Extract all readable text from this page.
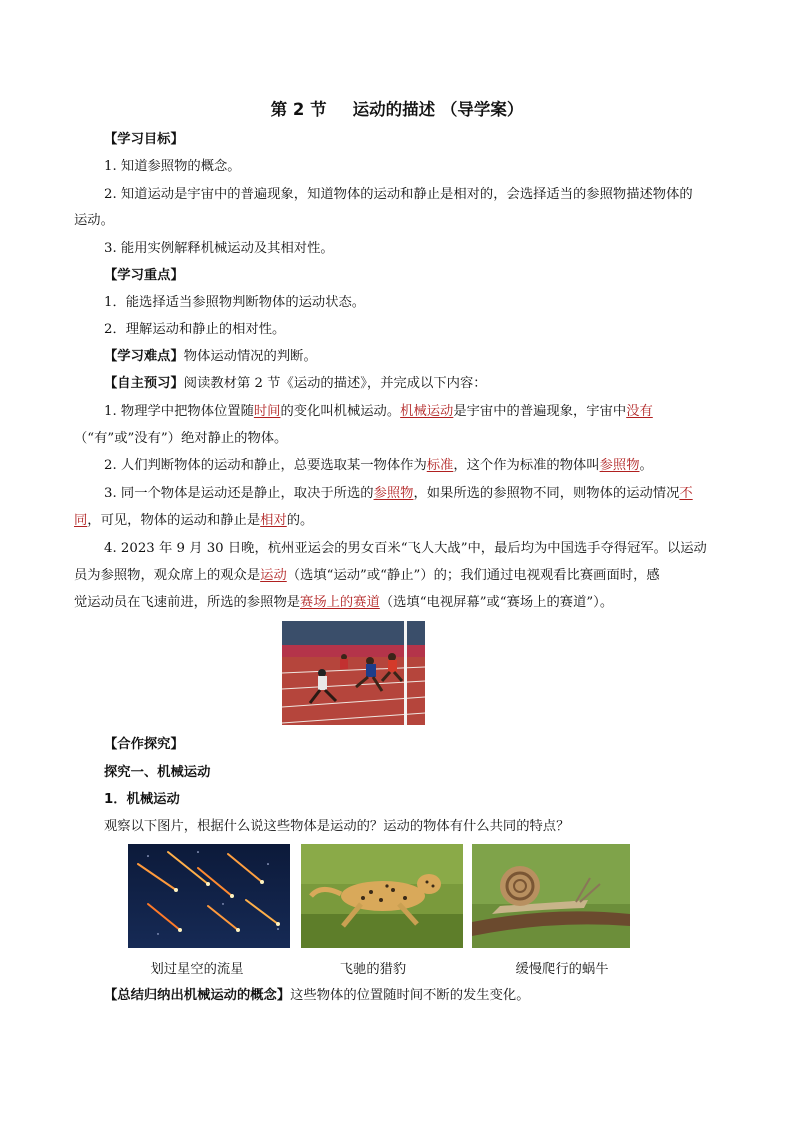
第 2 节 运动的描述 （导学案）
【学习目标】
1. 知道参照物的概念。
2. 知道运动是宇宙中的普遍现象，知道物体的运动和静止是相对的，会选择适当的参照物描述物体的
运动。
3. 能用实例解释机械运动及其相对性。
【学习重点】
1．能选择适当参照物判断物体的运动状态。
2．理解运动和静止的相对性。
【学习难点】物体运动情况的判断。
【自主预习】阅读教材第 2 节《运动的描述》，并完成以下内容：
1. 物理学中把物体位置随时间的变化叫机械运动。机械运动是宇宙中的普遍现象，宇宙中没有
（“有”或”没有”）绝对静止的物体。
2. 人们判断物体的运动和静止，总要选取某一物体作为标准，这个作为标准的物体叫参照物。
3. 同一个物体是运动还是静止，取决于所选的参照物，如果所选的参照物不同，则物体的运动情况不
同，可见，物体的运动和静止是相对的。
4. 2023 年 9 月 30 日晚，杭州亚运会的男女百米“飞人大战”中，最后均为中国选手夺得冠军。以运动
员为参照物，观众席上的观众是运动（选填“运动”或“静止”）的；我们通过电视观看比赛画面时，感
觉运动员在飞速前进，所选的参照物是赛场上的赛道（选填“电视屏幕”或“赛场上的赛道”）。
【合作探究】
探究一、机械运动
1．机械运动
观察以下图片，根据什么说这些物体是运动的？运动的物体有什么共同的特点？
划过星空的流星	飞驰的猎豹	缓慢爬行的蜗牛
【总结归纳出机械运动的概念】这些物体的位置随时间不断的发生变化。
